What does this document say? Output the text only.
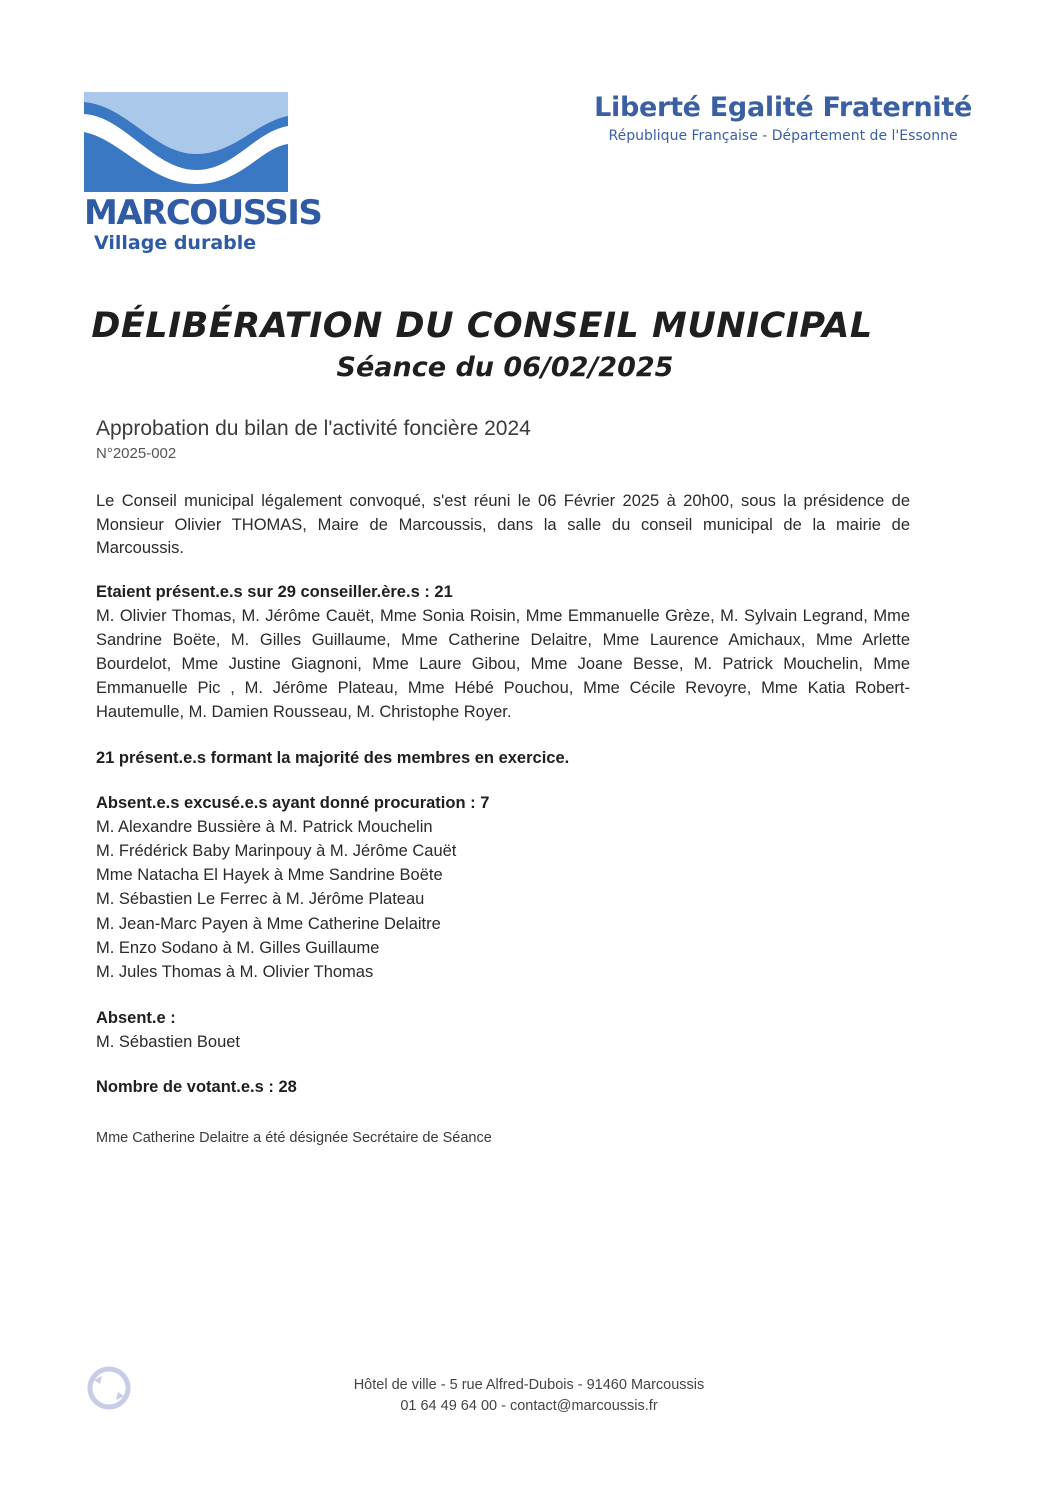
MARCOUSSIS
Village durable
Liberté Egalité Fraternité
République Française - Département de l'Essonne
DÉLIBÉRATION DU CONSEIL MUNICIPAL
Séance du 06/02/2025
Approbation du bilan de l'activité foncière 2024
N°2025-002
Le Conseil municipal légalement convoqué, s'est réuni le 06 Février 2025 à 20h00, sous la présidence de Monsieur Olivier THOMAS, Maire de Marcoussis, dans la salle du conseil municipal de la mairie de Marcoussis.
Etaient présent.e.s sur 29 conseiller.ère.s : 21
M. Olivier Thomas, M. Jérôme Cauët, Mme Sonia Roisin, Mme Emmanuelle Grèze, M. Sylvain Legrand, Mme Sandrine Boëte, M. Gilles Guillaume, Mme Catherine Delaitre, Mme Laurence Amichaux, Mme Arlette Bourdelot, Mme Justine Giagnoni, Mme Laure Gibou, Mme Joane Besse, M. Patrick Mouchelin, Mme Emmanuelle Pic , M. Jérôme Plateau, Mme Hébé Pouchou, Mme Cécile Revoyre, Mme Katia Robert-Hautemulle, M. Damien Rousseau, M. Christophe Royer.
21 présent.e.s formant la majorité des membres en exercice.
Absent.e.s excusé.e.s ayant donné procuration : 7
M. Alexandre Bussière à M. Patrick Mouchelin
M. Frédérick Baby Marinpouy à M. Jérôme Cauët
Mme Natacha El Hayek à Mme Sandrine Boëte
M. Sébastien Le Ferrec à M. Jérôme Plateau
M. Jean-Marc Payen à Mme Catherine Delaitre
M. Enzo Sodano à M. Gilles Guillaume
M. Jules Thomas à M. Olivier Thomas
Absent.e :
M. Sébastien Bouet
Nombre de votant.e.s : 28
Mme Catherine Delaitre a été désignée Secrétaire de Séance
Hôtel de ville - 5 rue Alfred-Dubois - 91460 Marcoussis
01 64 49 64 00 - contact@marcoussis.fr
